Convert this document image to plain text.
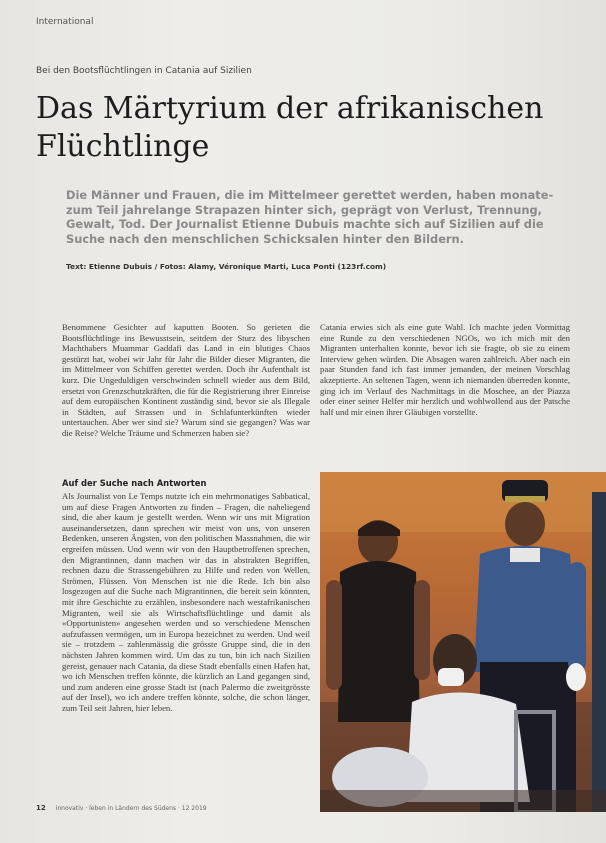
International
Bei den Bootsflüchtlingen in Catania auf Sizilien
Das Märtyrium der afrikanischen Flüchtlinge

Die Männer und Frauen, die im Mittelmeer gerettet werden, haben monate- zum Teil jahrelange Strapazen hinter sich, geprägt von Verlust, Trennung, Gewalt, Tod. Der Journalist Etienne Dubuis machte sich auf Sizilien auf die Suche nach den menschlichen Schicksalen hinter den Bildern.

Text: Etienne Dubuis / Fotos: Alamy, Véronique Marti, Luca Ponti (123rf.com)

Benommene Gesichter auf kaputten Booten. So gerieten die Bootsflüchtlinge ins Bewusstsein, seitdem der Sturz des libyschen Machthabers Muammar Gaddafi das Land in ein blutiges Chaos gestürzt hat, wobei wir Jahr für Jahr die Bilder dieser Migranten, die im Mittelmeer von Schiffen gerettet werden. Doch ihr Aufenthalt ist kurz. Die Ungeduldigen verschwinden schnell wieder aus dem Bild, ersetzt von Grenzschutzkräften, die für die Registrierung ihrer Einreise auf dem europäischen Kontinent zuständig sind, bevor sie als Illegale in Städten, auf Strassen und in Schlafunterkünften wieder untertauchen. Aber wer sind sie? Warum sind sie gegangen? Was war die Reise? Welche Träume und Schmerzen haben sie?

Catania erwies sich als eine gute Wahl. Ich machte jeden Vormittag eine Runde zu den verschiedenen NGOs, wo ich mich mit den Migranten unterhalten konnte, bevor ich sie fragte, ob sie zu einem Interview gehen würden. Die Absagen waren zahlreich. Aber nach ein paar Stunden fand ich fast immer jemanden, der meinen Vorschlag akzeptierte. An seltenen Tagen, wenn ich niemanden überreden konnte, ging ich im Verlauf des Nachmittags in die Moschee, an der Piazza oder einer seiner Helfer mir herzlich und wohlwollend aus der Patsche half und mir einen ihrer Gläubigen vorstellte.

Auf der Suche nach Antworten

Als Journalist von Le Temps nutzte ich ein mehrmonatiges Sabbatical, um auf diese Fragen Antworten zu finden – Fragen, die naheliegend sind, die aber kaum je gestellt werden. Wenn wir uns mit Migration auseinandersetzen, dann sprechen wir meist von uns, von unseren Bedenken, unseren Ängsten, von den politischen Massnahmen, die wir ergreifen müssen. Und wenn wir von den Hauptbetroffenen sprechen, den Migrantinnen, dann machen wir das in abstrakten Begriffen, rechnen dazu die Strassengebühren zu Hilfe und reden von Wellen, Strömen, Flüssen. Von Menschen ist nie die Rede. Ich bin also losgezogen auf die Suche nach Migrantinnen, die bereit sein könnten, mir ihre Geschichte zu erzählen, insbesondere nach westafrikanischen Migranten, weil sie als Wirtschaftsflüchtlinge und damit als «Opportunisten» angesehen werden und so verschiedene Menschen aufzufassen vermögen, um in Europa bezeichnet zu werden. Und weil sie – trotzdem – zahlenmässig die grösste Gruppe sind, die in den nächsten Jahren kommen wird. Um das zu tun, bin ich nach Sizilien gereist, genauer nach Catania, da diese Stadt ebenfalls einen Hafen hat, wo ich Menschen treffen könnte, die kürzlich an Land gegangen sind, und zum anderen eine grosse Stadt ist (nach Palermo die zweitgrösste auf der Insel), wo ich andere treffen könnte, solche, die schon länger, zum Teil seit Jahren, hier leben.

12 innovativ · leben in Ländern des Südens · 12 2019
